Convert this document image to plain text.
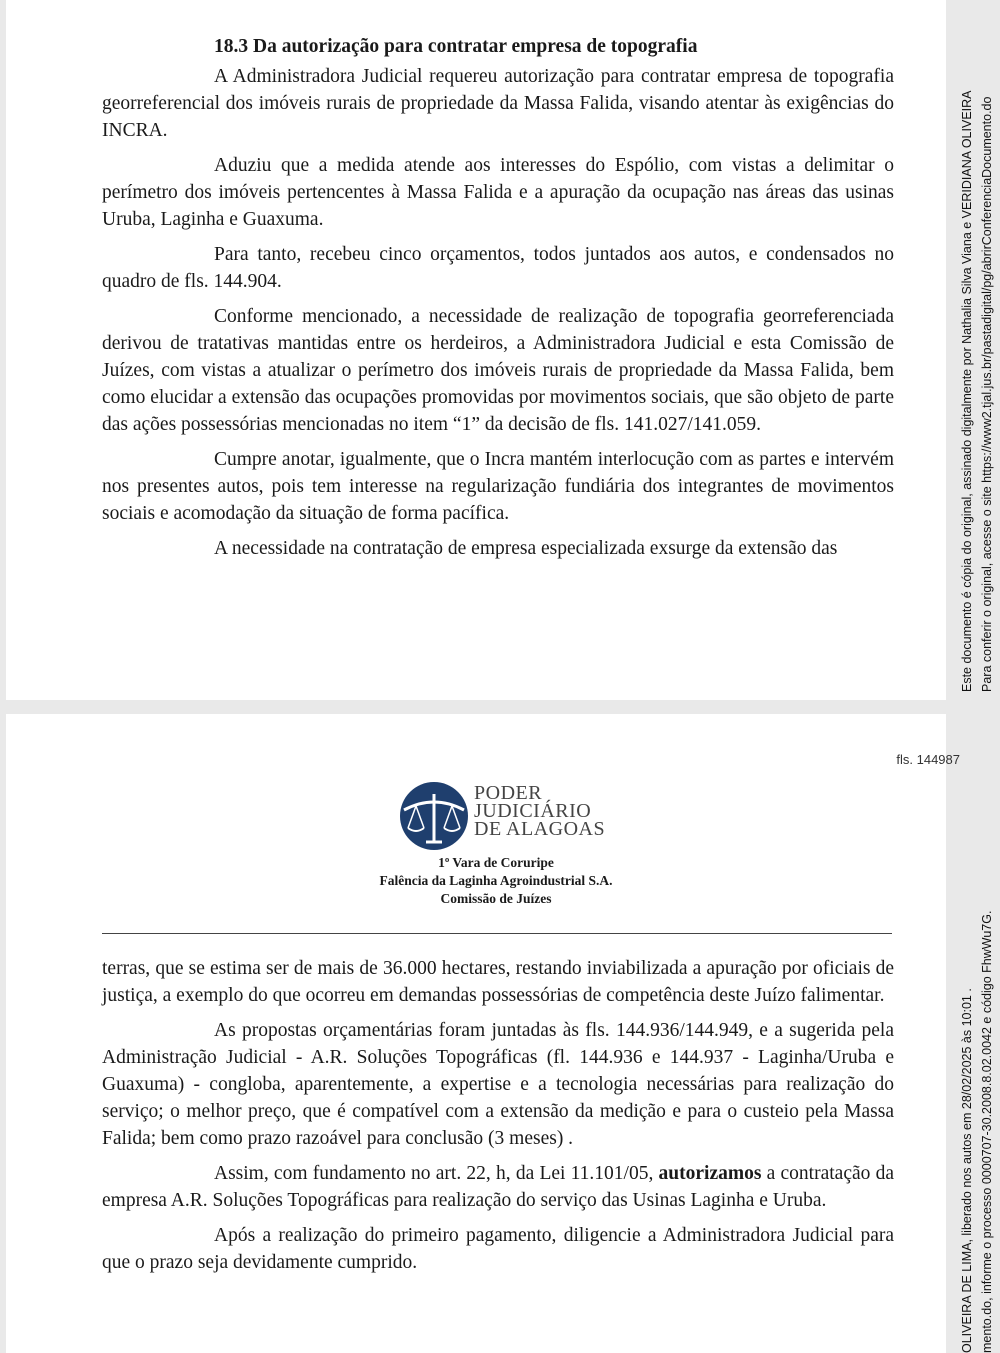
18.3 Da autorização para contratar empresa de topografia

A Administradora Judicial requereu autorização para contratar empresa de topografia georreferencial dos imóveis rurais de propriedade da Massa Falida, visando atentar às exigências do INCRA.

Aduziu que a medida atende aos interesses do Espólio, com vistas a delimitar o perímetro dos imóveis pertencentes à Massa Falida e a apuração da ocupação nas áreas das usinas Uruba, Laginha e Guaxuma.

Para tanto, recebeu cinco orçamentos, todos juntados aos autos, e condensados no quadro de fls. 144.904.

Conforme mencionado, a necessidade de realização de topografia georreferenciada derivou de tratativas mantidas entre os herdeiros, a Administradora Judicial e esta Comissão de Juízes, com vistas a atualizar o perímetro dos imóveis rurais de propriedade da Massa Falida, bem como elucidar a extensão das ocupações promovidas por movimentos sociais, que são objeto de parte das ações possessórias mencionadas no item “1” da decisão de fls. 141.027/141.059.

Cumpre anotar, igualmente, que o Incra mantém interlocução com as partes e intervém nos presentes autos, pois tem interesse na regularização fundiária dos integrantes de movimentos sociais e acomodação da situação de forma pacífica.

A necessidade na contratação de empresa especializada exsurge da extensão das	Este documento é cópia do original, assinado digitalmente por Nathalia Silva Viana e VERIDIANA OLIVEIRA Para conferir o original, acesse o site https://www2.tjal.jus.br/pastadigital/pg/abrirConferenciaDocumento.do
fls. 144987
PODER
JUDICIÁRIO
DE ALAGOAS
1º Vara de Coruripe
Falência da Laginha Agroindustrial S.A.
Comissão de Juízes

terras, que se estima ser de mais de 36.000 hectares, restando inviabilizada a apuração por oficiais de justiça, a exemplo do que ocorreu em demandas possessórias de competência deste Juízo falimentar.

As propostas orçamentárias foram juntadas às fls. 144.936/144.949, e a sugerida pela Administração Judicial - A.R. Soluções Topográficas (fl. 144.936 e 144.937 - Laginha/Uruba e Guaxuma) - congloba, aparentemente, a expertise e a tecnologia necessárias para realização do serviço; o melhor preço, que é compatível com a extensão da medição e para o custeio pela Massa Falida; bem como prazo razoável para conclusão (3 meses) .

Assim, com fundamento no art. 22, h, da Lei 11.101/05, autorizamos a contratação da empresa A.R. Soluções Topográficas para realização do serviço das Usinas Laginha e Uruba.

Após a realização do primeiro pagamento, diligencie a Administradora Judicial para que o prazo seja devidamente cumprido.	OLIVEIRA DE LIMA, liberado nos autos em 28/02/2025 às 10:01 . mento.do, informe o processo 0000707-30.2008.8.02.0042 e código FhwWu7G.
